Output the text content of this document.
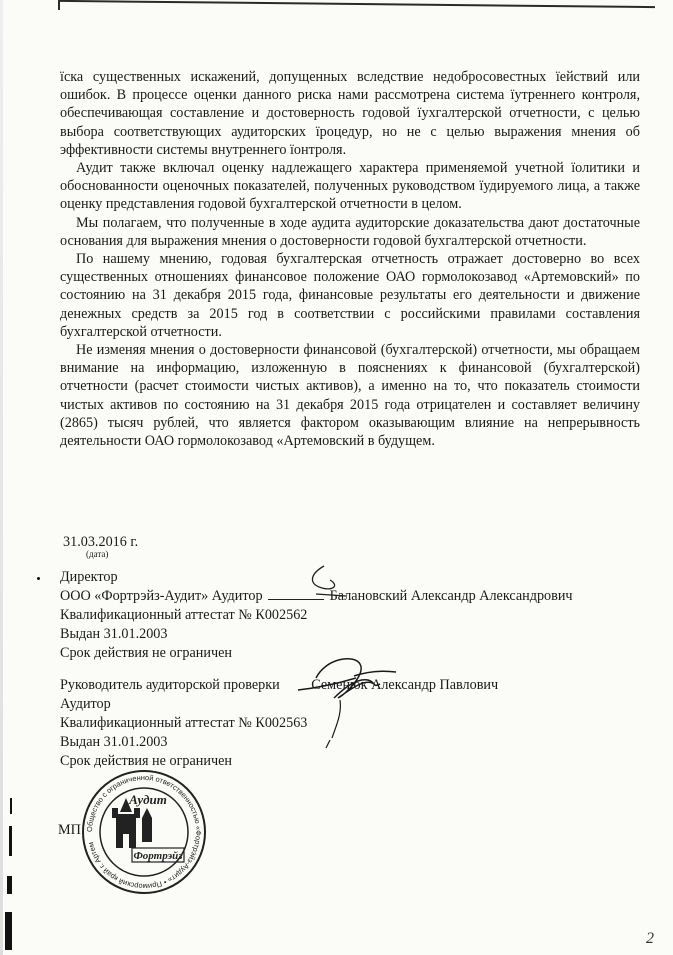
їска существенных искажений, допущенных вследствие недобросовестных їействий или ошибок. В процессе оценки данного риска нами рассмотрена система їутреннего контроля, обеспечивающая составление и достоверность годовой їухгалтерской отчетности, с целью выбора соответствующих аудиторских їроцедур, но не с целью выражения мнения об эффективности системы внутреннего їонтроля.

Аудит также включал оценку надлежащего характера применяемой учетной їолитики и обоснованности оценочных показателей, полученных руководством їудируемого лица, а также оценку представления годовой бухгалтерской отчетности в целом.

Мы полагаем, что полученные в ходе аудита аудиторские доказательства дают достаточные основания для выражения мнения о достоверности годовой бухгалтерской отчетности.

По нашему мнению, годовая бухгалтерская отчетность отражает достоверно во всех существенных отношениях финансовое положение ОАО гормолокозавод «Артемовский» по состоянию на 31 декабря 2015 года, финансовые результаты его деятельности и движение денежных средств за 2015 год в соответствии с российскими правилами составления бухгалтерской отчетности.

Не изменяя мнения о достоверности финансовой (бухгалтерской) отчетности, мы обращаем внимание на информацию, изложенную в пояснениях к финансовой (бухгалтерской) отчетности (расчет стоимости чистых активов), а именно на то, что показатель стоимости чистых активов по состоянию на 31 декабря 2015 года отрицателен и составляет величину (2865) тысяч рублей, что является фактором оказывающим влияние на непрерывность деятельности ОАО гормолокозавод «Артемовский в будущем.

31.03.2016 г.
(дата)
Директор
ООО «Фортрэйз-Аудит» Аудитор	Балановский Александр Александрович
Квалификационный аттестат № К002562
Выдан 31.01.2003
Срок действия не ограничен
Руководитель аудиторской проверки Семенюк Александр Павлович
Аудитор
Квалификационный аттестат № К002563
Выдан 31.01.2003
Срок действия не ограничен
Общество с ограниченной ответственностью «Фортрэйз-Аудит» • Приморский край г. Артем
Аудит
Фортрэйз
МП
2
